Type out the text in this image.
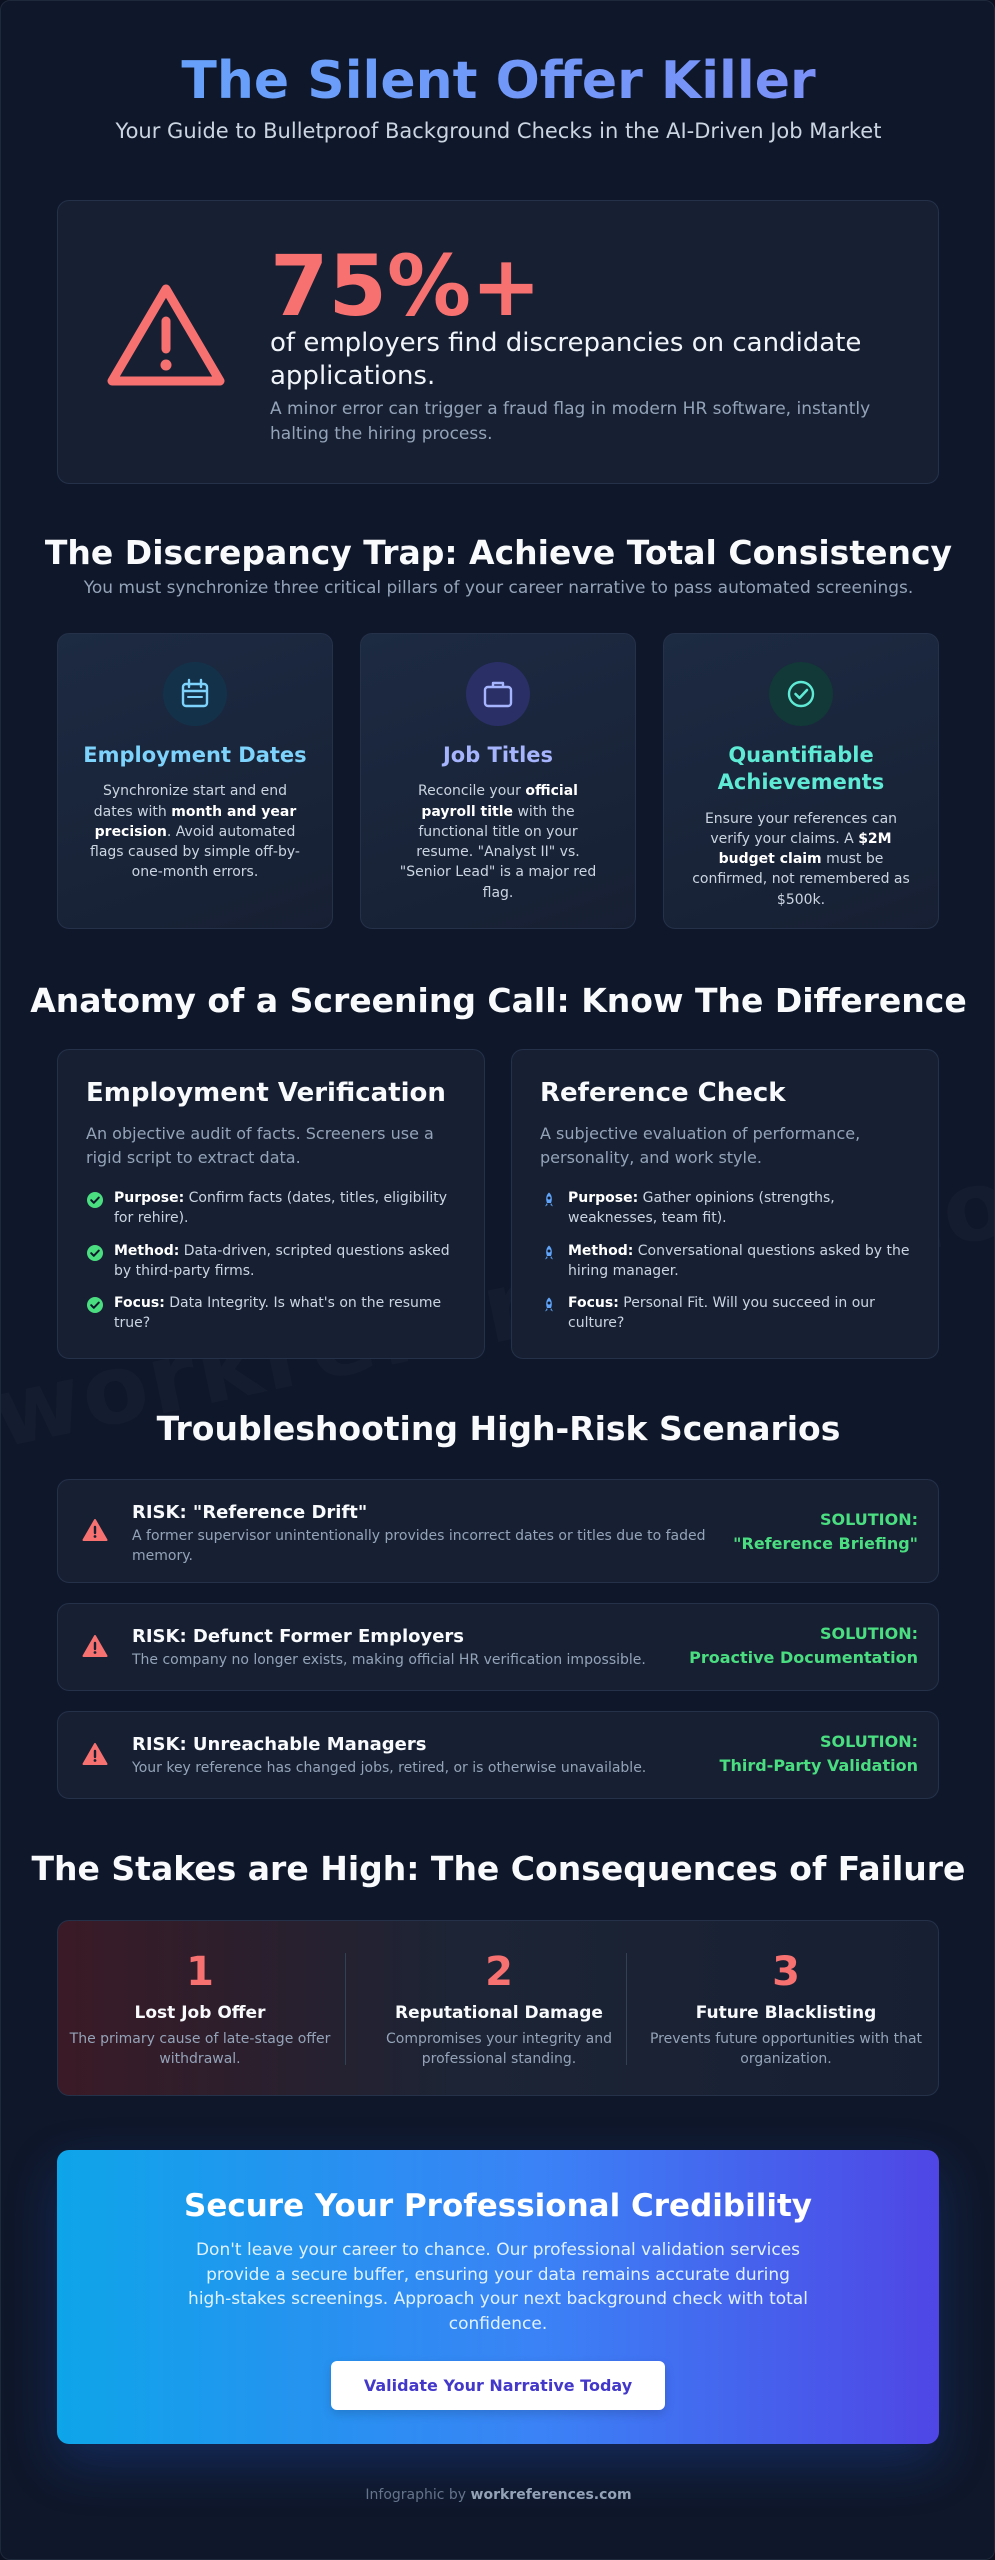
The Silent Offer Killer
Your Guide to Bulletproof Background Checks in the AI-Driven Job Market
75%+
of employers find discrepancies on candidate applications.
A minor error can trigger a fraud flag in modern HR software, instantly halting the hiring process.
The Discrepancy Trap: Achieve Total Consistency
You must synchronize three critical pillars of your career narrative to pass automated screenings.
Employment Dates

Synchronize start and end dates with month and year precision. Avoid automated flags caused by simple off-by-one-month errors.

Job Titles

Reconcile your official payroll title with the functional title on your resume. "Analyst II" vs. "Senior Lead" is a major red flag.

Quantifiable Achievements

Ensure your references can verify your claims. A $2M budget claim must be confirmed, not remembered as $500k.

Anatomy of a Screening Call: Know The Difference
Employment Verification
An objective audit of facts. Screeners use a rigid script to extract data.
Purpose: Confirm facts (dates, titles, eligibility for rehire).
Method: Data-driven, scripted questions asked by third-party firms.
Focus: Data Integrity. Is what's on the resume true?
Reference Check
A subjective evaluation of performance, personality, and work style.
Purpose: Gather opinions (strengths, weaknesses, team fit).
Method: Conversational questions asked by the hiring manager.
Focus: Personal Fit. Will you succeed in our culture?
Troubleshooting High-Risk Scenarios
RISK: "Reference Drift"
A former supervisor unintentionally provides incorrect dates or titles due to faded memory.
SOLUTION:
"Reference Briefing"
RISK: Defunct Former Employers
The company no longer exists, making official HR verification impossible.
SOLUTION:
Proactive Documentation
RISK: Unreachable Managers
Your key reference has changed jobs, retired, or is otherwise unavailable.
SOLUTION:
Third-Party Validation
The Stakes are High: The Consequences of Failure
1
Lost Job Offer
The primary cause of late-stage offer withdrawal.
2
Reputational Damage
Compromises your integrity and professional standing.
3
Future Blacklisting
Prevents future opportunities with that organization.
Secure Your Professional Credibility

Don't leave your career to chance. Our professional validation services provide a secure buffer, ensuring your data remains accurate during high-stakes screenings. Approach your next background check with total confidence.

Validate Your Narrative Today
Infographic by workreferences.com
